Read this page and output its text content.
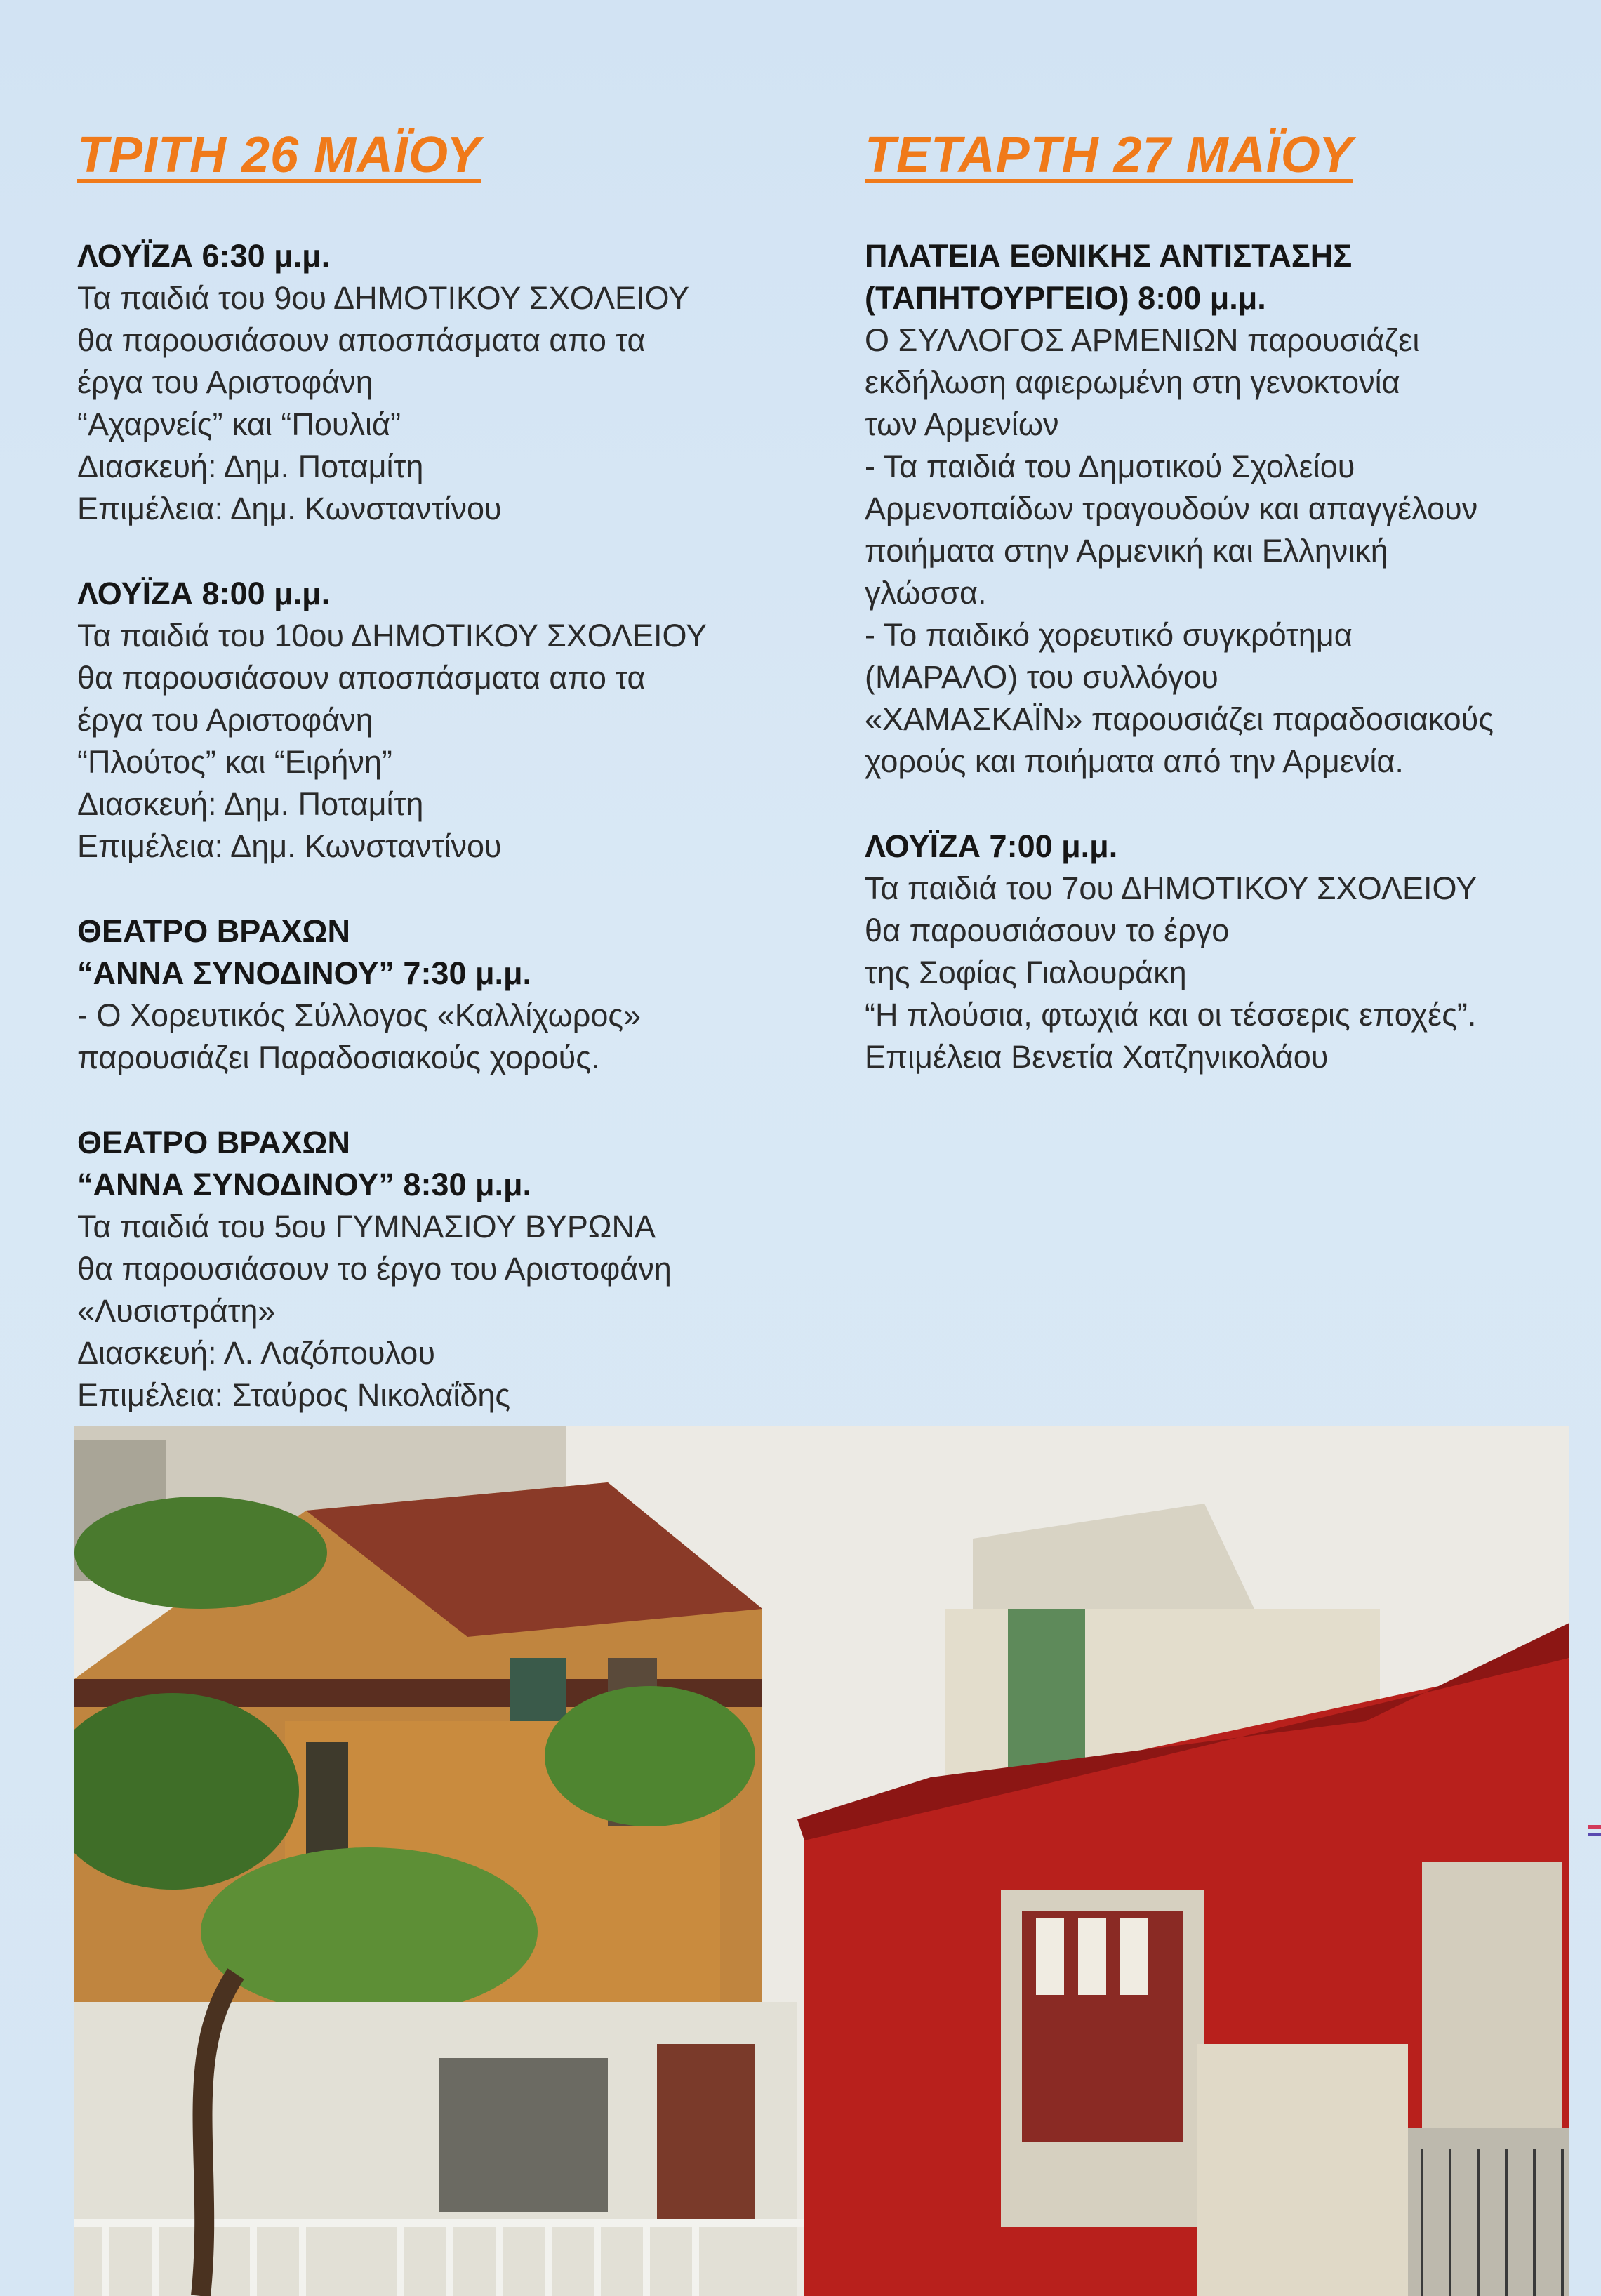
ΤΡΙΤΗ 26 ΜΑΪΟΥ
ΛΟΥΪΖΑ 6:30 μ.μ.
Τα παιδιά του 9ου ΔΗΜΟΤΙΚΟΥ ΣΧΟΛΕΙΟΥ
θα παρουσιάσουν αποσπάσματα απο τα
έργα του Αριστοφάνη
“Αχαρνείς” και “Πουλιά”
Διασκευή: Δημ. Ποταμίτη
Επιμέλεια: Δημ. Κωνσταντίνου
ΛΟΥΪΖΑ 8:00 μ.μ.
Τα παιδιά του 10ου ΔΗΜΟΤΙΚΟΥ ΣΧΟΛΕΙΟΥ
θα παρουσιάσουν αποσπάσματα απο τα
έργα του Αριστοφάνη
“Πλούτος” και “Ειρήνη”
Διασκευή: Δημ. Ποταμίτη
Επιμέλεια: Δημ. Κωνσταντίνου
ΘΕΑΤΡΟ ΒΡΑΧΩΝ
“ΑΝΝΑ ΣΥΝΟΔΙΝΟΥ” 7:30 μ.μ.
- Ο Χορευτικός Σύλλογος «Καλλίχωρος»
παρουσιάζει Παραδοσιακούς χορούς.
ΘΕΑΤΡΟ ΒΡΑΧΩΝ
“ΑΝΝΑ ΣΥΝΟΔΙΝΟΥ” 8:30 μ.μ.
Τα παιδιά του 5ου ΓΥΜΝΑΣΙΟΥ ΒΥΡΩΝΑ
θα παρουσιάσουν το έργο του Αριστοφάνη
«Λυσιστράτη»
Διασκευή: Λ. Λαζόπουλου
Επιμέλεια: Σταύρος Νικολαΐδης
ΤΕΤΑΡΤΗ 27 ΜΑΪΟΥ
ΠΛΑΤΕΙΑ ΕΘΝΙΚΗΣ ΑΝΤΙΣΤΑΣΗΣ
(ΤΑΠΗΤΟΥΡΓΕΙΟ) 8:00 μ.μ.
Ο ΣΥΛΛΟΓΟΣ ΑΡΜΕΝΙΩΝ παρουσιάζει
εκδήλωση αφιερωμένη στη γενοκτονία
των Αρμενίων
- Τα παιδιά του Δημοτικού Σχολείου
Αρμενοπαίδων τραγουδούν και απαγγέλουν
ποιήματα στην Αρμενική και Ελληνική
γλώσσα.
- Το παιδικό χορευτικό συγκρότημα
(ΜΑΡΑΛΟ) του συλλόγου
«ΧΑΜΑΣΚΑΪΝ» παρουσιάζει παραδοσιακούς
χορούς και ποιήματα από την Αρμενία.
ΛΟΥΪΖΑ 7:00 μ.μ.
Τα παιδιά του 7ου ΔΗΜΟΤΙΚΟΥ ΣΧΟΛΕΙΟΥ
θα παρουσιάσουν το έργο
της Σοφίας Γιαλουράκη
“Η πλούσια, φτωχιά και οι τέσσερις εποχές”.
Επιμέλεια Βενετία Χατζηνικολάου
